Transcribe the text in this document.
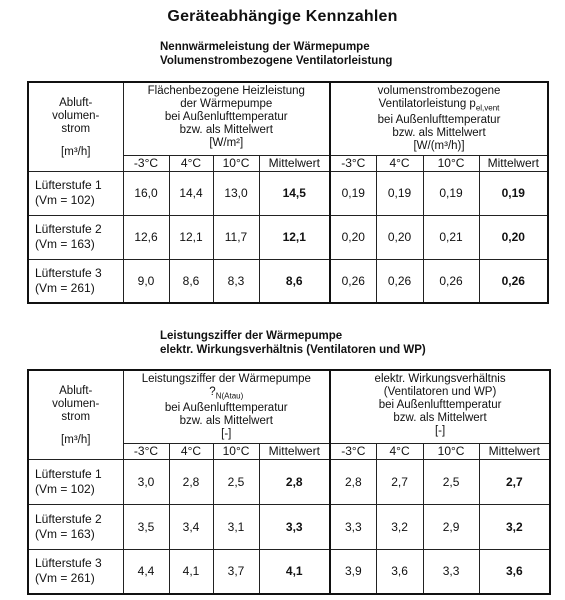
Geräteabhängige Kennzahlen
Nennwärmeleistung der Wärmepumpe
Volumenstrombezogene Ventilatorleistung
Abluft-
volumen-
strom
[m³/h]	Flächenbezogene Heizleistung
der Wärmepumpe
bei Außenlufttemperatur
bzw. als Mittelwert
[W/m²]				volumenstrombezogene
Ventilatorleistung $p_{el,vent}$
bei Außenlufttemperatur
bzw. als Mittelwert
[W/(m³/h)]			

	-3°C	4°C	10°C	Mittelwert	-3°C	4°C	10°C	Mittelwert

Lüfterstufe 1
(Vm = 102)	16,0	14,4	13,0	14,5	0,19	0,19	0,19	0,19

Lüfterstufe 2
(Vm = 163)	12,6	12,1	11,7	12,1	0,20	0,20	0,21	0,20

Lüfterstufe 3
(Vm = 261)	9,0	8,6	8,3	8,6	0,26	0,26	0,26	0,26
Leistungsziffer der Wärmepumpe
elektr. Wirkungsverhältnis (Ventilatoren und WP)
Abluft-
volumen-
strom
[m³/h]	Leistungsziffer der Wärmepumpe
$?_{N(Atau)}$
bei Außenlufttemperatur
bzw. als Mittelwert
[-]				elektr. Wirkungsverhältnis
(Ventilatoren und WP)
bei Außenlufttemperatur
bzw. als Mittelwert
[-]			

	-3°C	4°C	10°C	Mittelwert	-3°C	4°C	10°C	Mittelwert

Lüfterstufe 1
(Vm = 102)	3,0	2,8	2,5	2,8	2,8	2,7	2,5	2,7

Lüfterstufe 2
(Vm = 163)	3,5	3,4	3,1	3,3	3,3	3,2	2,9	3,2

Lüfterstufe 3
(Vm = 261)	4,4	4,1	3,7	4,1	3,9	3,6	3,3	3,6
